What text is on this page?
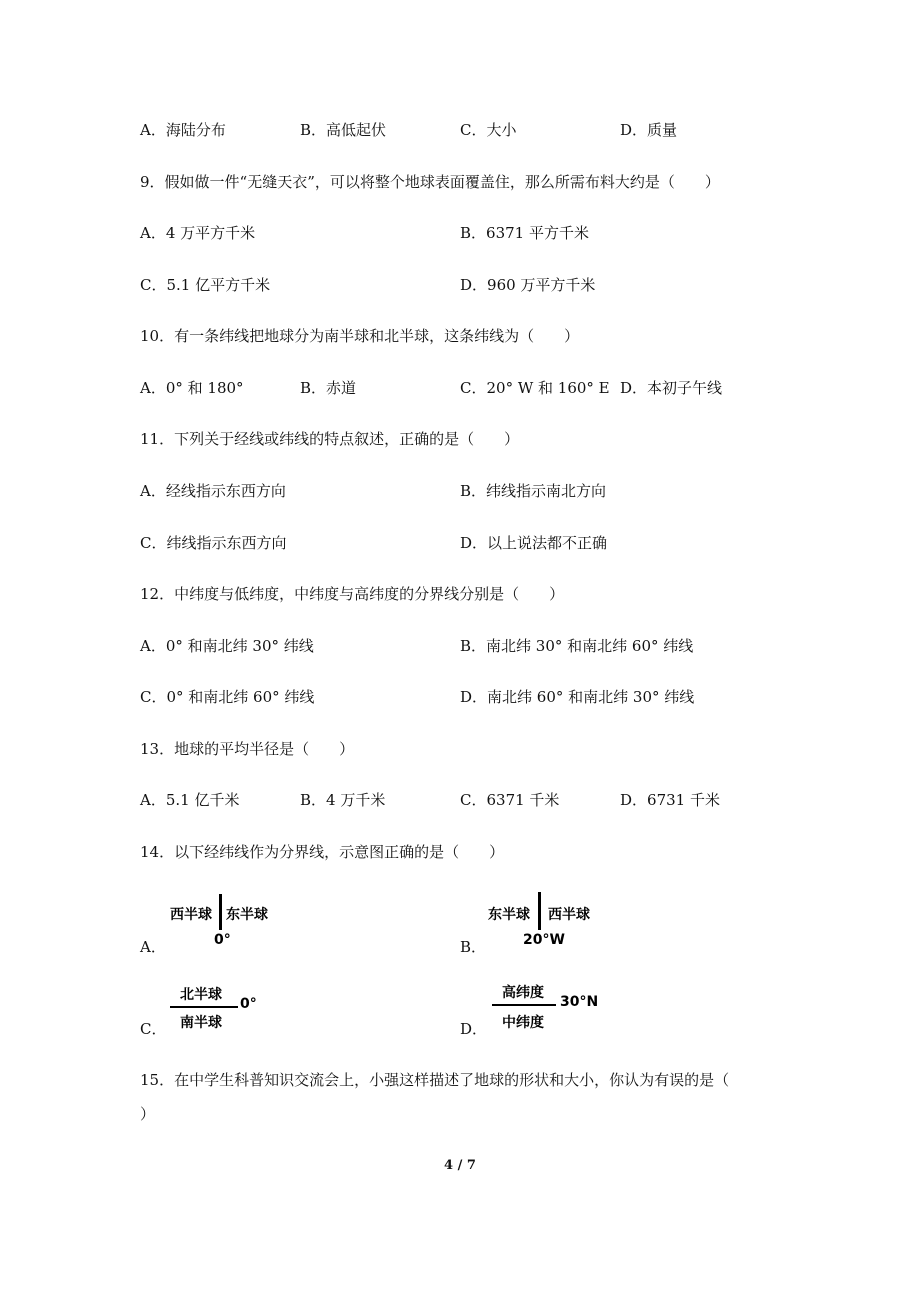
A．海陆分布	B．高低起伏	C．大小	D．质量
9．假如做一件“无缝天衣”，可以将整个地球表面覆盖住，那么所需布料大约是（　　）
A．4 万平方千米	B．6371 平方千米
C．5.1 亿平方千米	D．960 万平方千米
10．有一条纬线把地球分为南半球和北半球，这条纬线为（　　）
A．0° 和 180°	B．赤道	C．20° W 和 160° E D．本初子午线
11．下列关于经线或纬线的特点叙述，正确的是（　　）
A．经线指示东西方向	B．纬线指示南北方向
C．纬线指示东西方向	D．以上说法都不正确
12．中纬度与低纬度，中纬度与高纬度的分界线分别是（　　）
A．0° 和南北纬 30° 纬线	B．南北纬 30° 和南北纬 60° 纬线
C．0° 和南北纬 60° 纬线	D．南北纬 60° 和南北纬 30° 纬线
13．地球的平均半径是（　　）
A．5.1 亿千米	B．4 万千米	C．6371 千米	D．6731 千米
14．以下经纬线作为分界线，示意图正确的是（　　）
A．
西半球 东半球
0°	B．
东半球 西半球
20°W
C．
北半球
0°
南半球	D．
高纬度
30°N
中纬度
15．在中学生科普知识交流会上，小强这样描述了地球的形状和大小，你认为有误的是（
）
4 / 7
